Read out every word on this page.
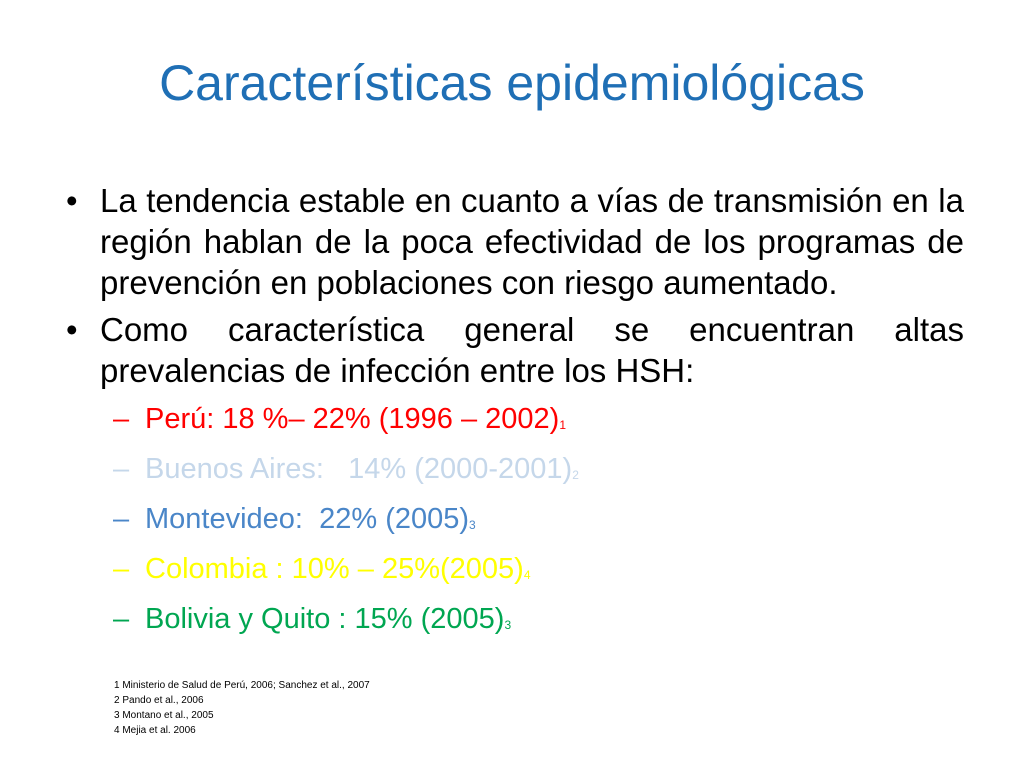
Características epidemiológicas
• La tendencia estable en cuanto a vías de transmisión en la región hablan de la poca efectividad de los programas de prevención en poblaciones con riesgo aumentado.
• Como característica general se encuentran altas prevalencias de infección entre los HSH:
– Perú: 18 %– 22% $(1996 - 2002)_1$
– Buenos Aires:   14% $(2000-2001)_2$
– Montevideo:  22% $(2005)_3$
– Colombia : $10\% - 25\%(2005)_4$
– Bolivia y Quito : 15% $(2005)_3$
1 Ministerio de Salud de Perú, 2006; Sanchez et al., 2007
2 Pando et al., 2006
3 Montano et al., 2005
4 Mejia et al. 2006
